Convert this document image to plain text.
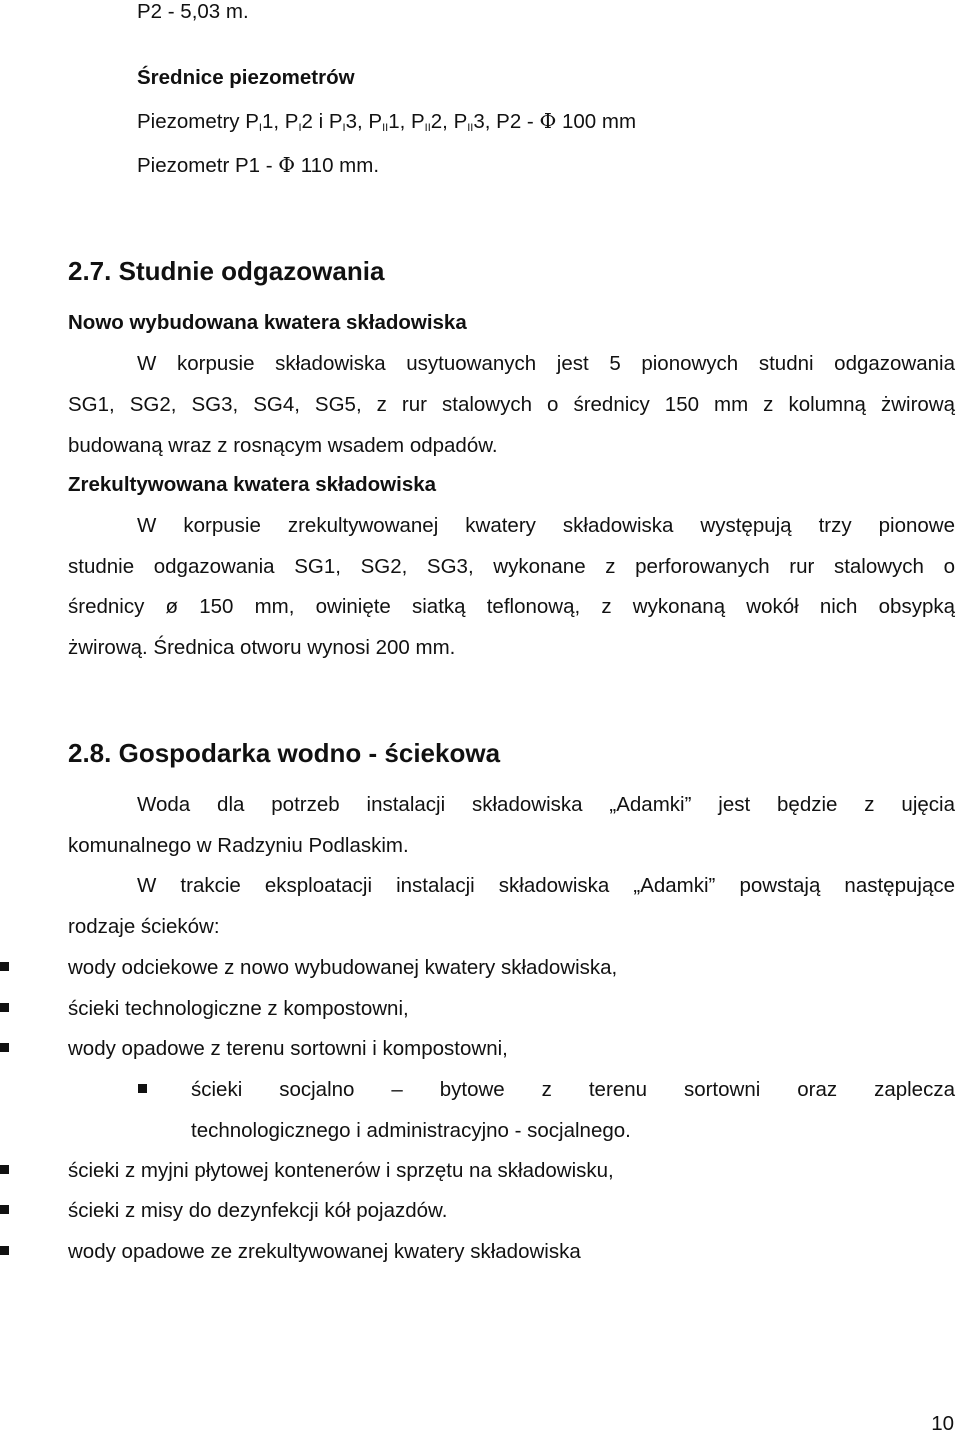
P2 - 5,03 m.
Średnice piezometrów
Piezometry $P_I1$, $P_I2$ i $P_I3$, $P_{II}1$, $P_{II}2$, $P_{II}3$, P2 - Φ 100 mm
Piezometr P1 - Φ 110 mm.
2.7. Studnie odgazowania
Nowo wybudowana kwatera składowiska
W korpusie składowiska usytuowanych jest 5 pionowych studni odgazowania
SG1, SG2, SG3, SG4, SG5, z rur stalowych o średnicy 150 mm z kolumną żwirową
budowaną wraz z rosnącym wsadem odpadów.
Zrekultywowana kwatera składowiska
W korpusie zrekultywowanej kwatery składowiska występują trzy pionowe
studnie odgazowania SG1, SG2, SG3, wykonane z perforowanych rur stalowych o
średnicy ø 150 mm, owinięte siatką teflonową, z wykonaną wokół nich obsypką
żwirową. Średnica otworu wynosi 200 mm.
2.8. Gospodarka wodno - ściekowa
Woda dla potrzeb instalacji składowiska „Adamki” jest będzie z ujęcia
komunalnego w Radzyniu Podlaskim.
W trakcie eksploatacji instalacji składowiska „Adamki” powstają następujące
rodzaje ścieków:
wody odciekowe z nowo wybudowanej kwatery składowiska,
ścieki technologiczne z kompostowni,
wody opadowe z terenu sortowni i kompostowni,
ścieki socjalno – bytowe z terenu sortowni oraz zaplecza
technologicznego i administracyjno - socjalnego.
ścieki z myjni płytowej kontenerów i sprzętu na składowisku,
ścieki z misy do dezynfekcji kół pojazdów.
wody opadowe ze zrekultywowanej kwatery składowiska
10
